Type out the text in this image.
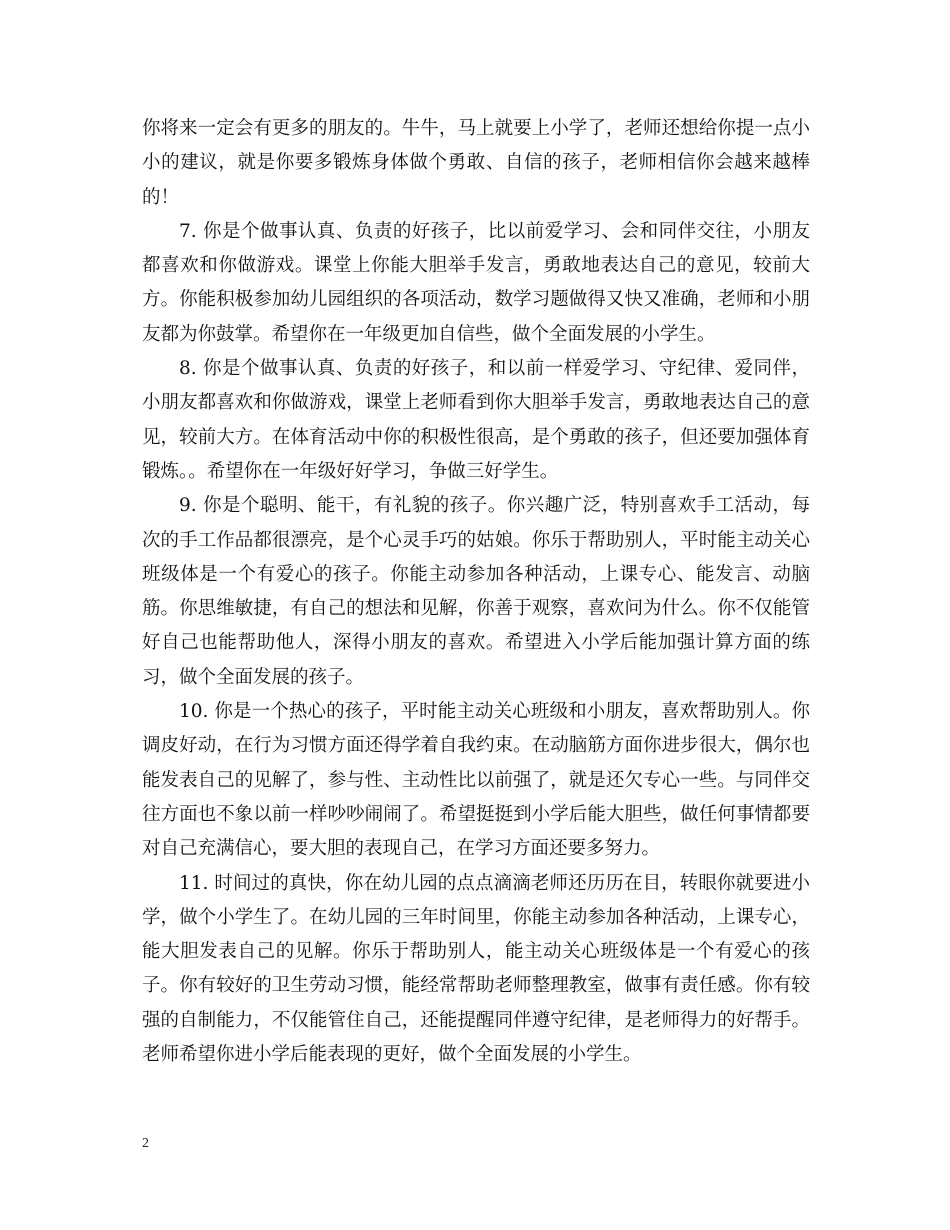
你将来一定会有更多的朋友的。牛牛，马上就要上小学了，老师还想给你提一点小小的建议，就是你要多锻炼身体做个勇敢、自信的孩子，老师相信你会越来越棒的！

7. 你是个做事认真、负责的好孩子，比以前爱学习、会和同伴交往，小朋友都喜欢和你做游戏。课堂上你能大胆举手发言，勇敢地表达自己的意见，较前大方。你能积极参加幼儿园组织的各项活动，数学习题做得又快又准确，老师和小朋友都为你鼓掌。希望你在一年级更加自信些，做个全面发展的小学生。

8. 你是个做事认真、负责的好孩子，和以前一样爱学习、守纪律、爱同伴，小朋友都喜欢和你做游戏，课堂上老师看到你大胆举手发言，勇敢地表达自己的意见，较前大方。在体育活动中你的积极性很高，是个勇敢的孩子，但还要加强体育锻炼。。希望你在一年级好好学习，争做三好学生。

9. 你是个聪明、能干，有礼貌的孩子。你兴趣广泛，特别喜欢手工活动，每次的手工作品都很漂亮，是个心灵手巧的姑娘。你乐于帮助别人，平时能主动关心班级体是一个有爱心的孩子。你能主动参加各种活动，上课专心、能发言、动脑筋。你思维敏捷，有自己的想法和见解，你善于观察，喜欢问为什么。你不仅能管好自己也能帮助他人，深得小朋友的喜欢。希望进入小学后能加强计算方面的练习，做个全面发展的孩子。

10. 你是一个热心的孩子，平时能主动关心班级和小朋友，喜欢帮助别人。你调皮好动，在行为习惯方面还得学着自我约束。在动脑筋方面你进步很大，偶尔也能发表自己的见解了，参与性、主动性比以前强了，就是还欠专心一些。与同伴交往方面也不象以前一样吵吵闹闹了。希望挺挺到小学后能大胆些，做任何事情都要对自己充满信心，要大胆的表现自己，在学习方面还要多努力。

11. 时间过的真快，你在幼儿园的点点滴滴老师还历历在目，转眼你就要进小学，做个小学生了。在幼儿园的三年时间里，你能主动参加各种活动，上课专心，能大胆发表自己的见解。你乐于帮助别人，能主动关心班级体是一个有爱心的孩子。你有较好的卫生劳动习惯，能经常帮助老师整理教室，做事有责任感。你有较强的自制能力，不仅能管住自己，还能提醒同伴遵守纪律，是老师得力的好帮手。老师希望你进小学后能表现的更好，做个全面发展的小学生。

2
